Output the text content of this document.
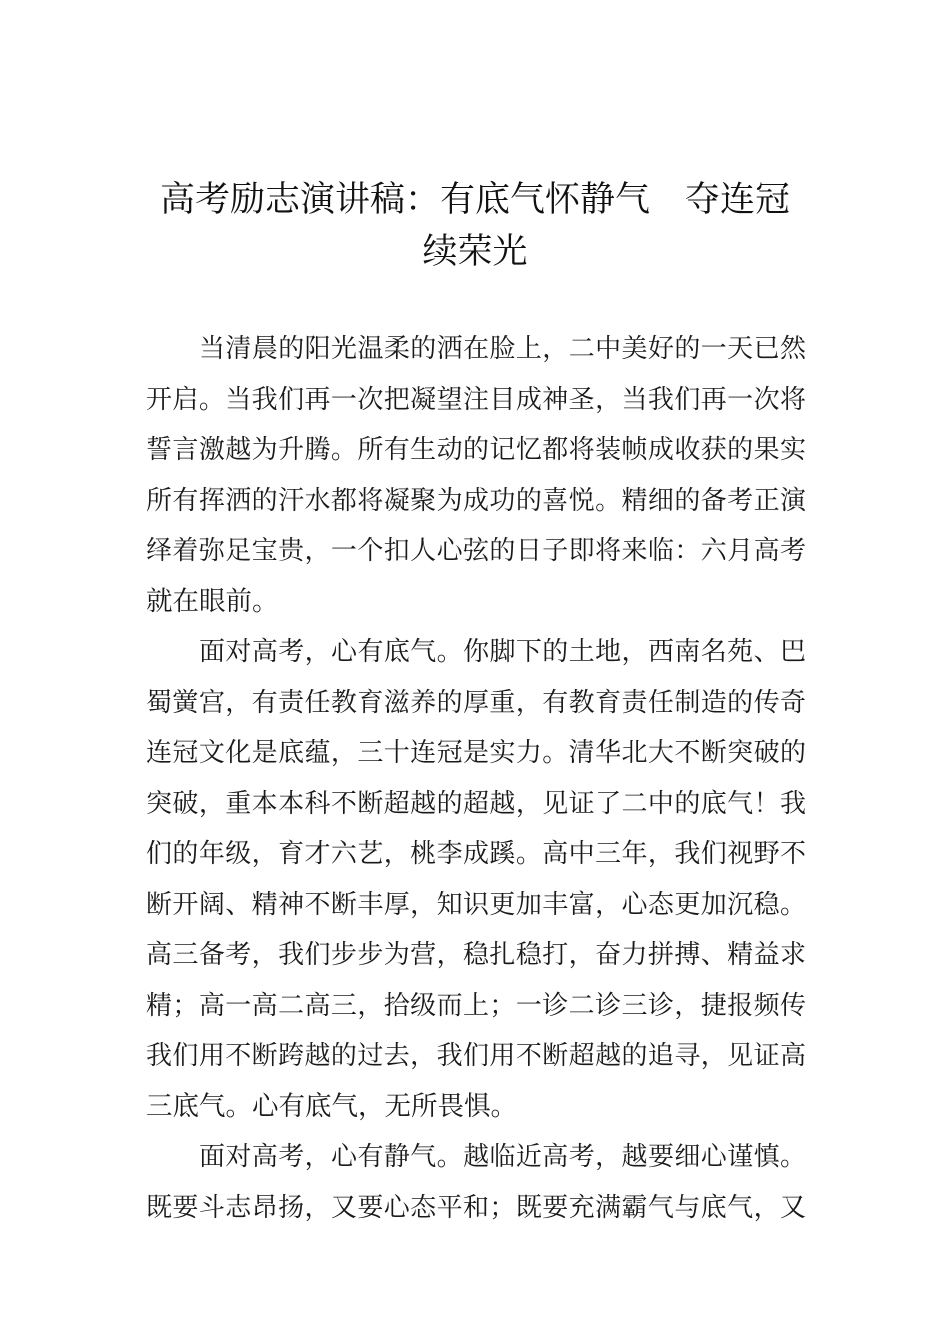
高考励志演讲稿：有底气怀静气　夺连冠
续荣光
当清晨的阳光温柔的洒在脸上，二中美好的一天已然
开启。当我们再一次把凝望注目成神圣，当我们再一次将
誓言激越为升腾。所有生动的记忆都将装帧成收获的果实
所有挥洒的汗水都将凝聚为成功的喜悦。精细的备考正演
绎着弥足宝贵，一个扣人心弦的日子即将来临：六月高考
就在眼前。
面对高考，心有底气。你脚下的土地，西南名苑、巴
蜀黉宫，有责任教育滋养的厚重，有教育责任制造的传奇
连冠文化是底蕴，三十连冠是实力。清华北大不断突破的
突破，重本本科不断超越的超越，见证了二中的底气！我
们的年级，育才六艺，桃李成蹊。高中三年，我们视野不
断开阔、精神不断丰厚，知识更加丰富，心态更加沉稳。
高三备考，我们步步为营，稳扎稳打，奋力拼搏、精益求
精；高一高二高三，拾级而上；一诊二诊三诊，捷报频传
我们用不断跨越的过去，我们用不断超越的追寻，见证高
三底气。心有底气，无所畏惧。
面对高考，心有静气。越临近高考，越要细心谨慎。
既要斗志昂扬，又要心态平和；既要充满霸气与底气，又
